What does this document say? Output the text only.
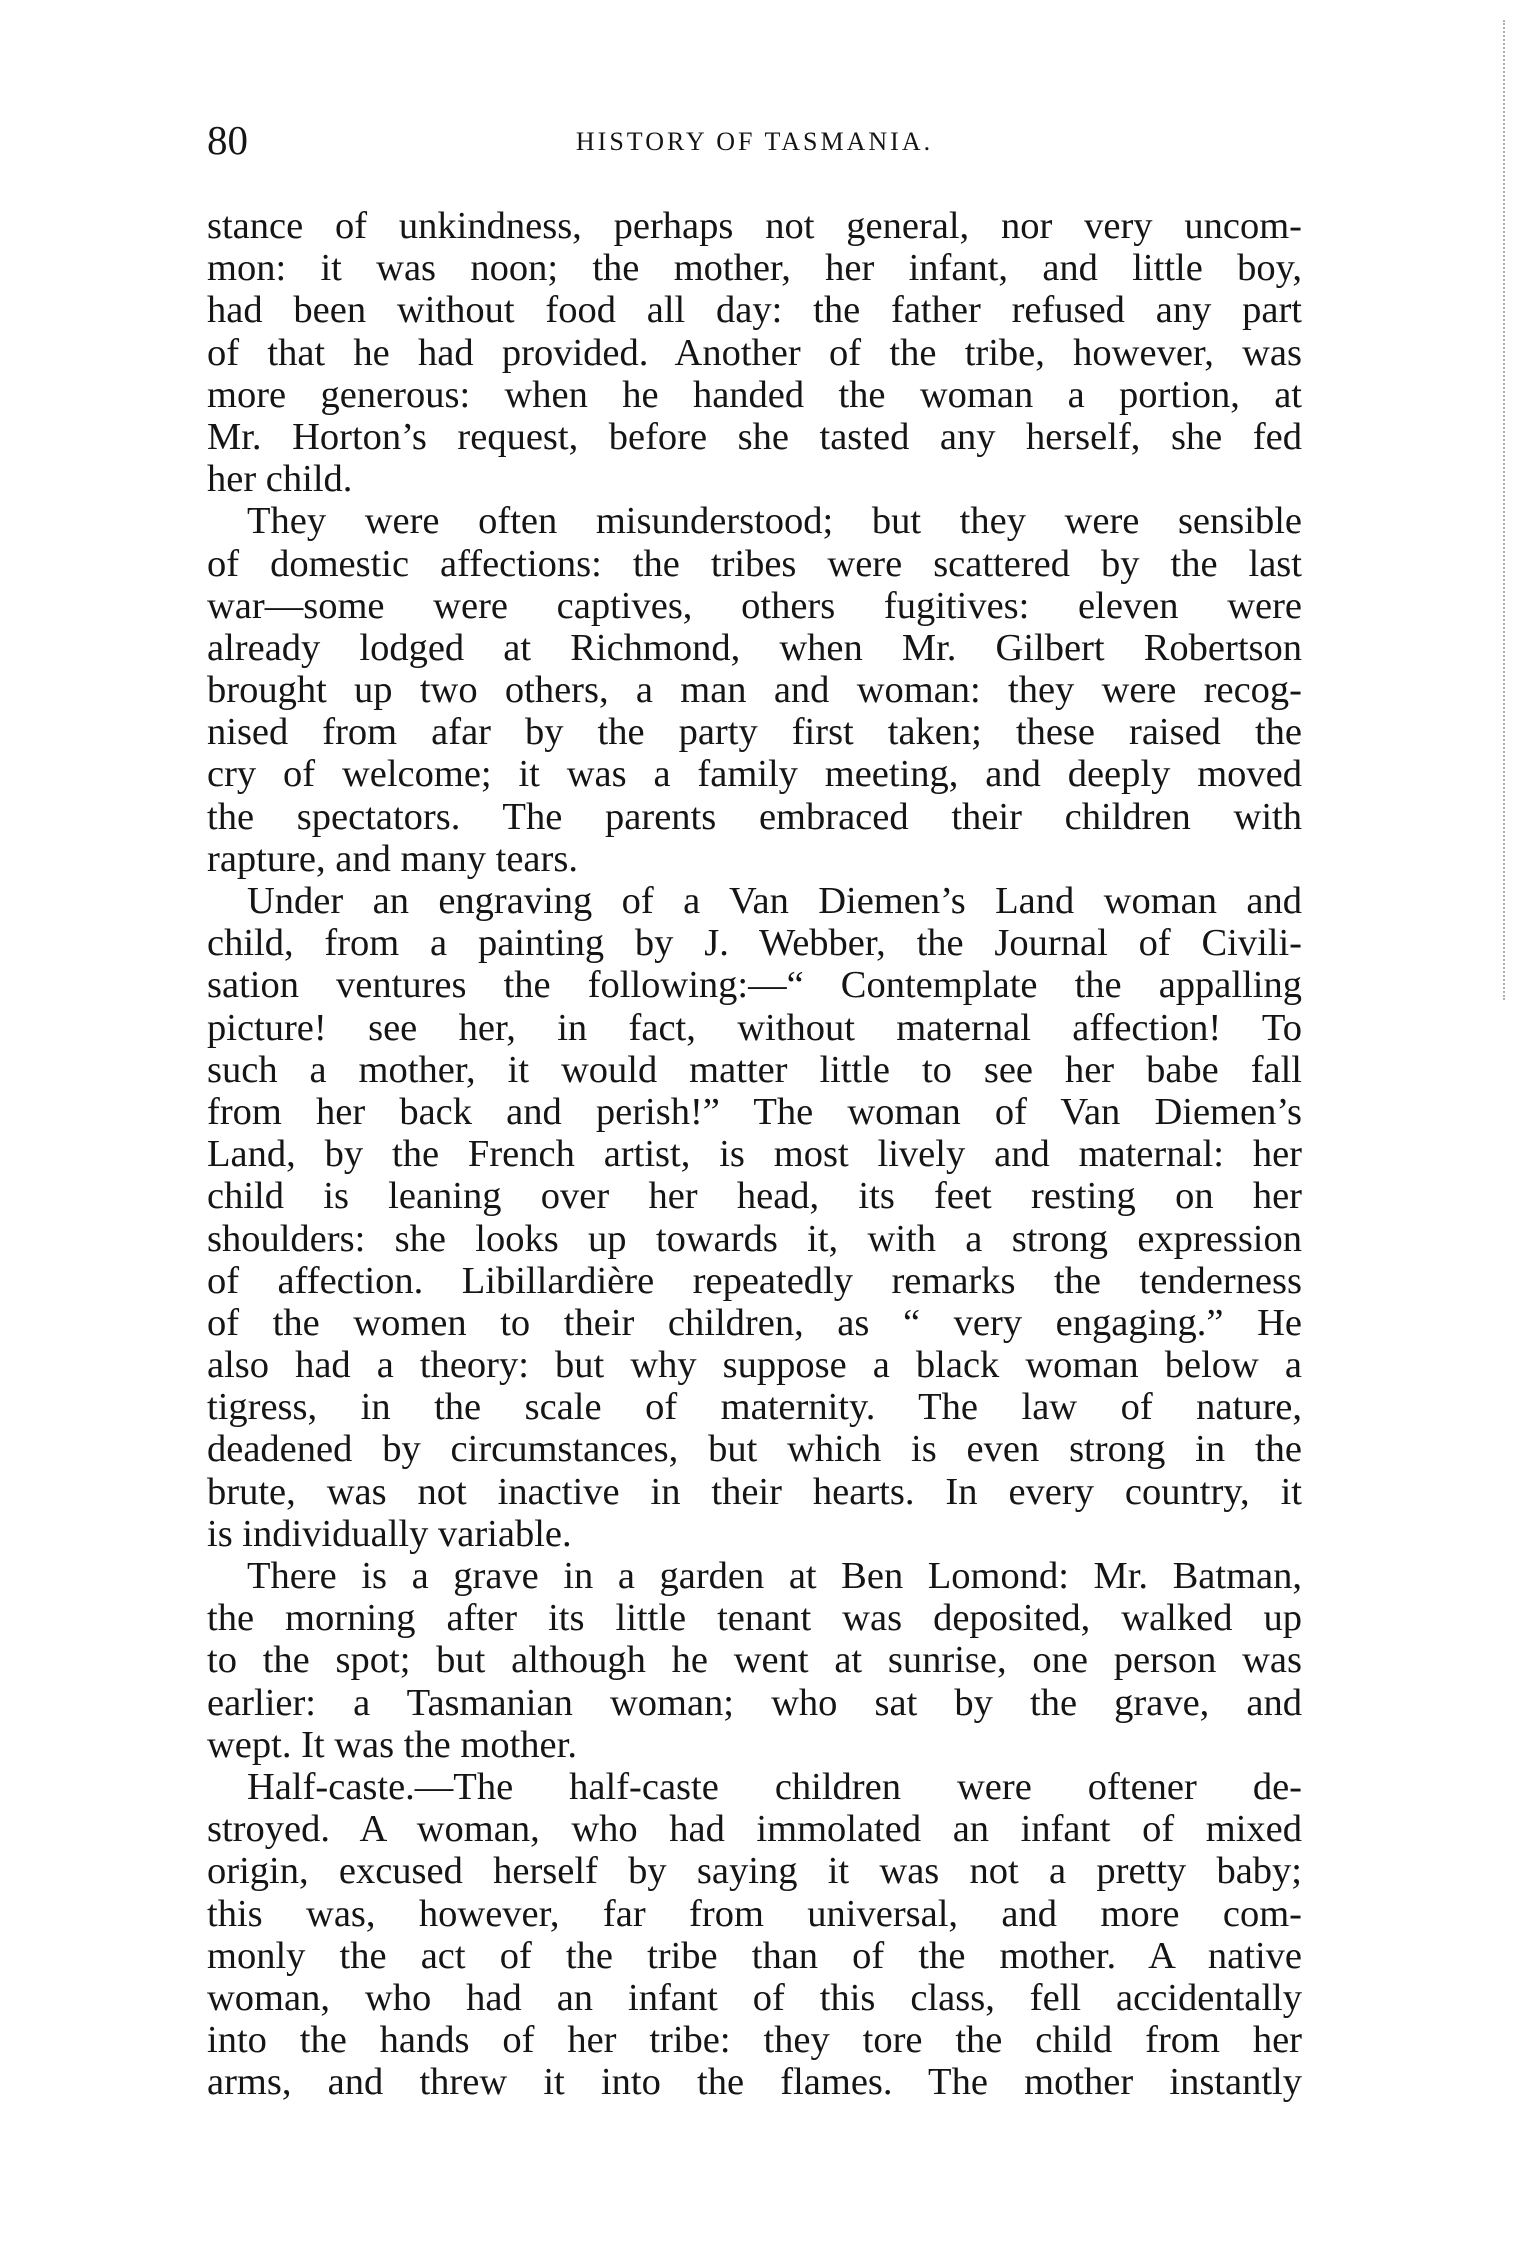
80	HISTORY OF TASMANIA.
stance of unkindness, perhaps not general, nor very uncom-
mon: it was noon; the mother, her infant, and little boy,
had been without food all day: the father refused any part
of that he had provided. Another of the tribe, however, was
more generous: when he handed the woman a portion, at
Mr. Horton’s request, before she tasted any herself, she fed
her child.
They were often misunderstood; but they were sensible
of domestic affections: the tribes were scattered by the last
war—some were captives, others fugitives: eleven were
already lodged at Richmond, when Mr. Gilbert Robertson
brought up two others, a man and woman: they were recog-
nised from afar by the party first taken; these raised the
cry of welcome; it was a family meeting, and deeply moved
the spectators. The parents embraced their children with
rapture, and many tears.
Under an engraving of a Van Diemen’s Land woman and
child, from a painting by J. Webber, the Journal of Civili-
sation ventures the following:—“ Contemplate the appalling
picture! see her, in fact, without maternal affection! To
such a mother, it would matter little to see her babe fall
from her back and perish!” The woman of Van Diemen’s
Land, by the French artist, is most lively and maternal: her
child is leaning over her head, its feet resting on her
shoulders: she looks up towards it, with a strong expression
of affection. Libillardière repeatedly remarks the tenderness
of the women to their children, as “ very engaging.” He
also had a theory: but why suppose a black woman below a
tigress, in the scale of maternity. The law of nature,
deadened by circumstances, but which is even strong in the
brute, was not inactive in their hearts. In every country, it
is individually variable.
There is a grave in a garden at Ben Lomond: Mr. Batman,
the morning after its little tenant was deposited, walked up
to the spot; but although he went at sunrise, one person was
earlier: a Tasmanian woman; who sat by the grave, and
wept. It was the mother.
Half-caste.—The half-caste children were oftener de-
stroyed. A woman, who had immolated an infant of mixed
origin, excused herself by saying it was not a pretty baby;
this was, however, far from universal, and more com-
monly the act of the tribe than of the mother. A native
woman, who had an infant of this class, fell accidentally
into the hands of her tribe: they tore the child from her
arms, and threw it into the flames. The mother instantly
